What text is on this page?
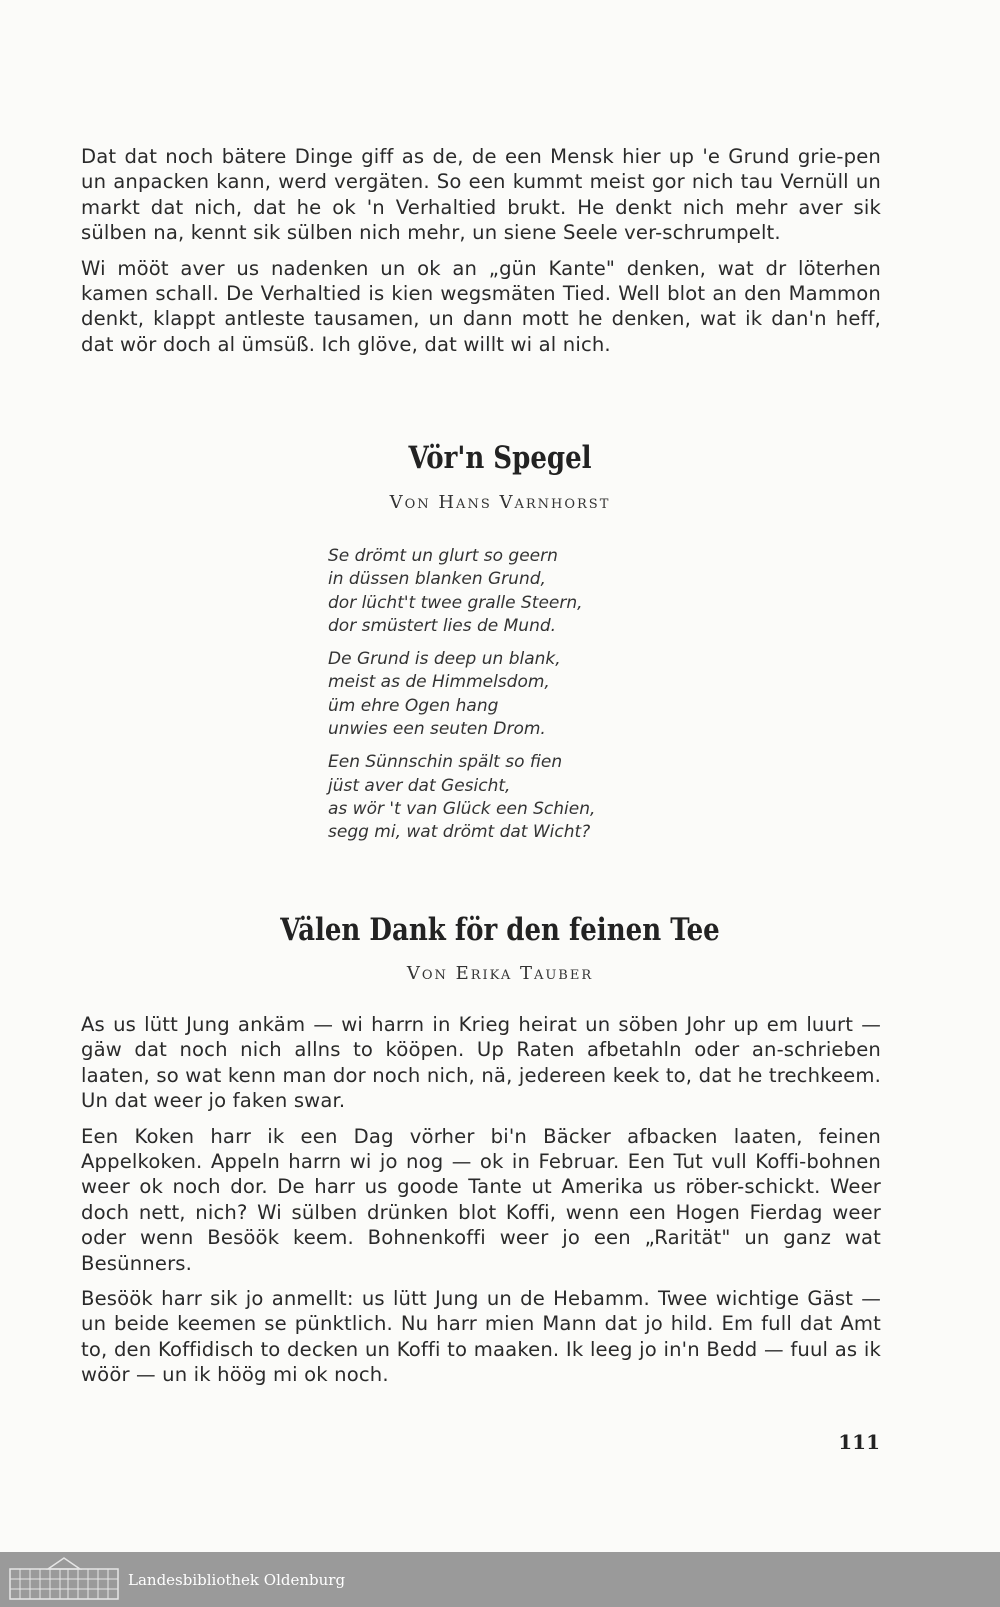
Dat dat noch bätere Dinge giff as de, de een Mensk hier up 'e Grund grie-pen un anpacken kann, werd vergäten. So een kummt meist gor nich tau Vernüll un markt dat nich, dat he ok 'n Verhaltied brukt. He denkt nich mehr aver sik sülben na, kennt sik sülben nich mehr, un siene Seele ver-schrumpelt.

Wi mööt aver us nadenken un ok an „gün Kante" denken, wat dr löterhen kamen schall. De Verhaltied is kien wegsmäten Tied. Well blot an den Mammon denkt, klappt antleste tausamen, un dann mott he denken, wat ik dan'n heff, dat wör doch al ümsüß. Ich glöve, dat willt wi al nich.

Vör'n Spegel
Von Hans Varnhorst
Se drömt un glurt so geern
in düssen blanken Grund,
dor lücht't twee gralle Steern,
dor smüstert lies de Mund.
De Grund is deep un blank,
meist as de Himmelsdom,
üm ehre Ogen hang
unwies een seuten Drom.
Een Sünnschin spält so fien
jüst aver dat Gesicht,
as wör 't van Glück een Schien,
segg mi, wat drömt dat Wicht?
Välen Dank för den feinen Tee
Von Erika Tauber

As us lütt Jung ankäm — wi harrn in Krieg heirat un söben Johr up em luurt — gäw dat noch nich allns to kööpen. Up Raten afbetahln oder an-schrieben laaten, so wat kenn man dor noch nich, nä, jedereen keek to, dat he trechkeem. Un dat weer jo faken swar.

Een Koken harr ik een Dag vörher bi'n Bäcker afbacken laaten, feinen Appelkoken. Appeln harrn wi jo nog — ok in Februar. Een Tut vull Koffi-bohnen weer ok noch dor. De harr us goode Tante ut Amerika us röber-schickt. Weer doch nett, nich? Wi sülben drünken blot Koffi, wenn een Hogen Fierdag weer oder wenn Besöök keem. Bohnenkoffi weer jo een „Rarität" un ganz wat Besünners.

Besöök harr sik jo anmellt: us lütt Jung un de Hebamm. Twee wichtige Gäst — un beide keemen se pünktlich. Nu harr mien Mann dat jo hild. Em full dat Amt to, den Koffidisch to decken un Koffi to maaken. Ik leeg jo in'n Bedd — fuul as ik wöör — un ik höög mi ok noch.

111
Landesbibliothek Oldenburg
